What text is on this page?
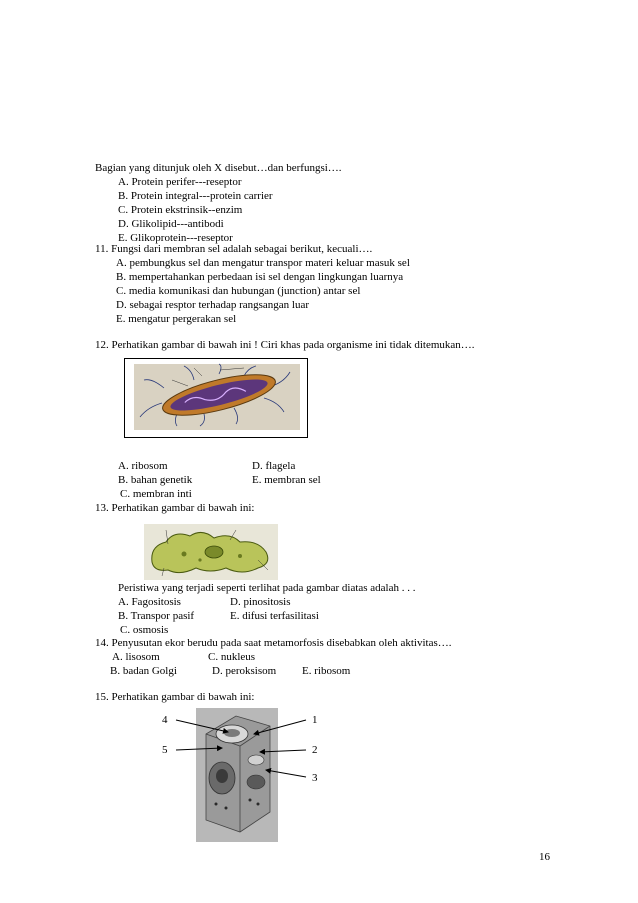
Bagian yang ditunjuk oleh X disebut…dan berfungsi….
A. Protein perifer---reseptor
B. Protein integral---protein carrier
C. Protein ekstrinsik--enzim
D. Glikolipid---antibodi
E. Glikoprotein---reseptor
11. Fungsi dari membran sel adalah sebagai berikut, kecuali….
A. pembungkus sel dan mengatur transpor materi keluar masuk sel
B. mempertahankan perbedaan isi sel dengan lingkungan luarnya
C. media komunikasi dan hubungan (junction) antar sel
D. sebagai resptor terhadap rangsangan luar
E. mengatur pergerakan sel
12. Perhatikan gambar di bawah ini ! Ciri khas pada organisme ini tidak ditemukan….
A. ribosom	D. flagela
B. bahan genetik	E. membran sel
C. membran inti
13. Perhatikan gambar di bawah ini:
Peristiwa yang terjadi seperti terlihat pada gambar diatas adalah . . .
A. Fagositosis	D. pinositosis
B. Transpor pasif	E. difusi terfasilitasi
C. osmosis
14. Penyusutan ekor berudu pada saat metamorfosis disebabkan oleh aktivitas….
A. lisosom	C. nukleus
B. badan Golgi	D. peroksisom E. ribosom
15. Perhatikan gambar di bawah ini:
4
5
1
2
3
16
